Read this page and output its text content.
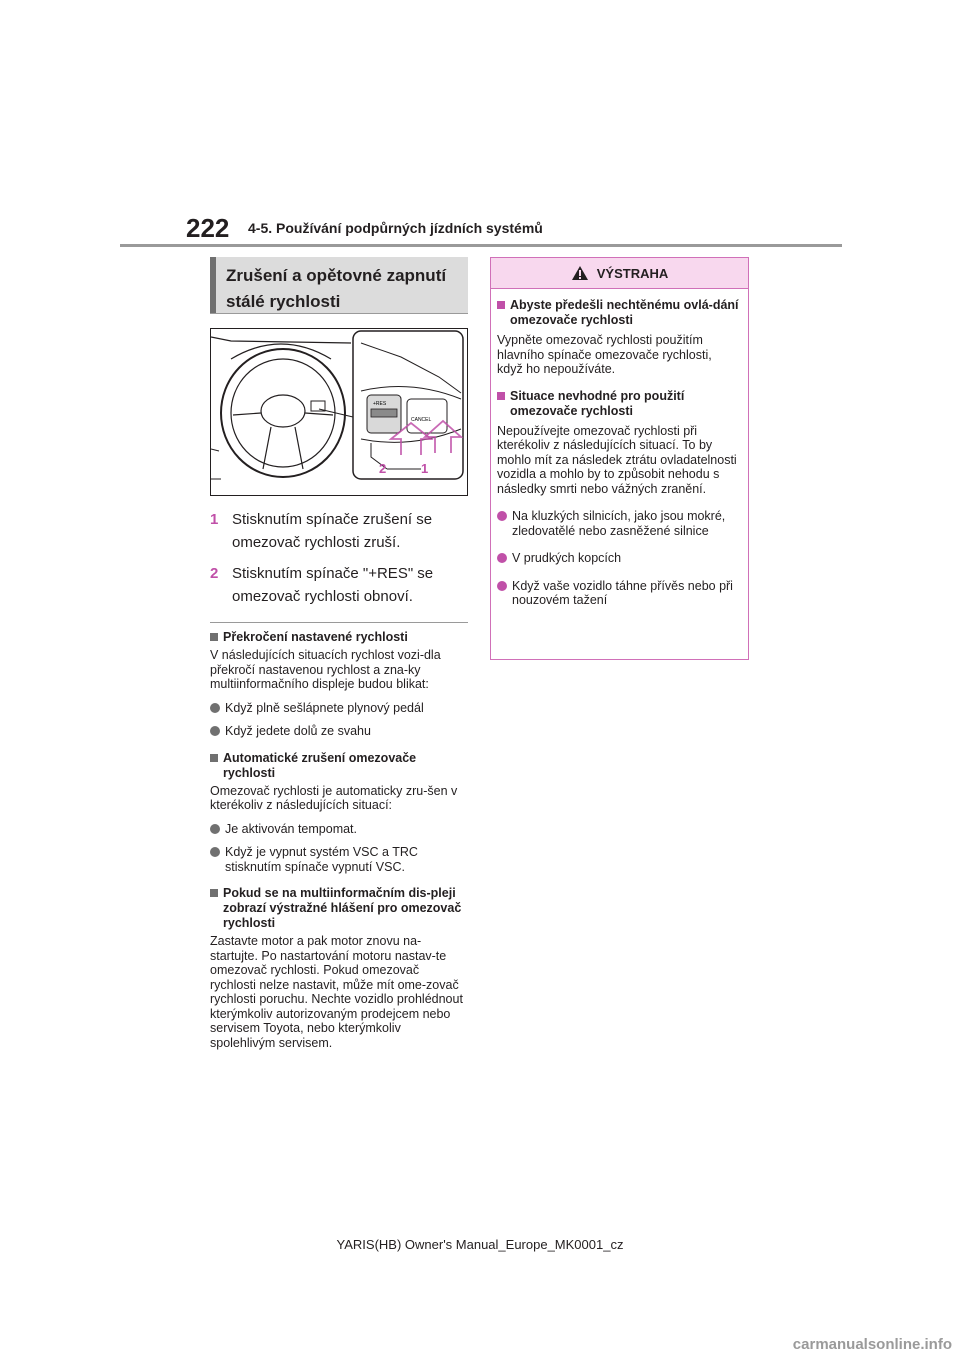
222 4-5. Používání podpůrných jízdních systémů
Zrušení a opětovné zapnutí stálé rychlosti
+RES
CANCEL
2	1
1 Stisknutím spínače zrušení se omezovač rychlosti zruší.
2 Stisknutím spínače "+RES" se omezovač rychlosti obnoví.
Překročení nastavené rychlosti
V následujících situacích rychlost vozi-dla překročí nastavenou rychlost a zna-ky multiinformačního displeje budou blikat:
Když plně sešlápnete plynový pedál
Když jedete dolů ze svahu
Automatické zrušení omezovače rychlosti
Omezovač rychlosti je automaticky zru-šen v kterékoliv z následujících situací:
Je aktivován tempomat.
Když je vypnut systém VSC a TRC stisknutím spínače vypnutí VSC.
Pokud se na multiinformačním dis-pleji zobrazí výstražné hlášení pro omezovač rychlosti
Zastavte motor a pak motor znovu na-startujte. Po nastartování motoru nastav-te omezovač rychlosti. Pokud omezovač rychlosti nelze nastavit, může mít ome-zovač rychlosti poruchu. Nechte vozidlo prohlédnout kterýmkoliv autorizovaným prodejcem nebo servisem Toyota, nebo kterýmkoliv spolehlivým servisem.
VÝSTRAHA
Abyste předešli nechtěnému ovlá-dání omezovače rychlosti
Vypněte omezovač rychlosti použitím hlavního spínače omezovače rychlosti, když ho nepoužíváte.
Situace nevhodné pro použití omezovače rychlosti
Nepoužívejte omezovač rychlosti při kterékoliv z následujících situací. To by mohlo mít za následek ztrátu ovladatelnosti vozidla a mohlo by to způsobit nehodu s následky smrti nebo vážných zranění.
Na kluzkých silnicích, jako jsou mokré, zledovatělé nebo zasněžené silnice
V prudkých kopcích
Když vaše vozidlo táhne přívěs nebo při nouzovém tažení
YARIS(HB) Owner's Manual_Europe_MK0001_cz
carmanualsonline.info
